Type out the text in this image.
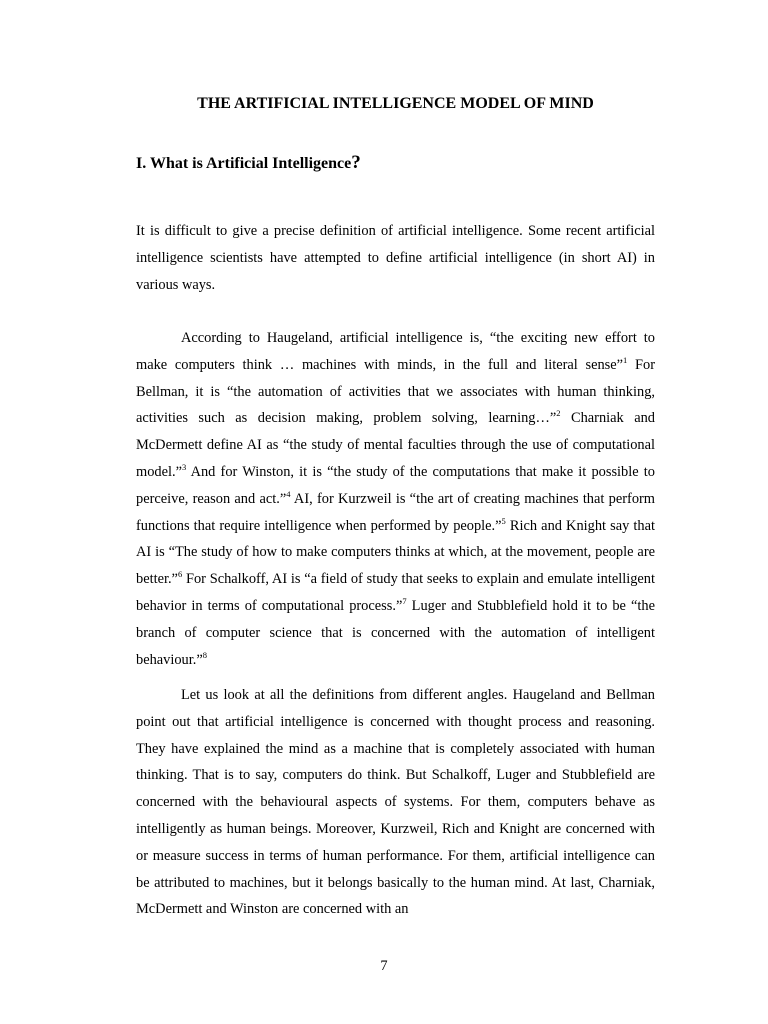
THE ARTIFICIAL INTELLIGENCE MODEL OF MIND
I. What is Artificial Intelligence?

It is difficult to give a precise definition of artificial intelligence. Some recent artificial intelligence scientists have attempted to define artificial intelligence (in short AI) in various ways.

According to Haugeland, artificial intelligence is, “the exciting new effort to make computers think … machines with minds, in the full and literal sense”$^1$ For Bellman, it is “the automation of activities that we associates with human thinking, activities such as decision making, problem solving, learning…”$^2$ Charniak and McDermett define AI as “the study of mental faculties through the use of computational model.”$^3$ And for Winston, it is “the study of the computations that make it possible to perceive, reason and act.”$^4$ AI, for Kurzweil is “the art of creating machines that perform functions that require intelligence when performed by people.”$^5$ Rich and Knight say that AI is “The study of how to make computers thinks at which, at the movement, people are better.”$^6$ For Schalkoff, AI is “a field of study that seeks to explain and emulate intelligent behavior in terms of computational process.”$^7$ Luger and Stubblefield hold it to be “the branch of computer science that is concerned with the automation of intelligent behaviour.”$^8$

Let us look at all the definitions from different angles. Haugeland and Bellman point out that artificial intelligence is concerned with thought process and reasoning. They have explained the mind as a machine that is completely associated with human thinking. That is to say, computers do think. But Schalkoff, Luger and Stubblefield are concerned with the behavioural aspects of systems. For them, computers behave as intelligently as human beings. Moreover, Kurzweil, Rich and Knight are concerned with or measure success in terms of human performance. For them, artificial intelligence can be attributed to machines, but it belongs basically to the human mind. At last, Charniak, McDermett and Winston are concerned with an

7
